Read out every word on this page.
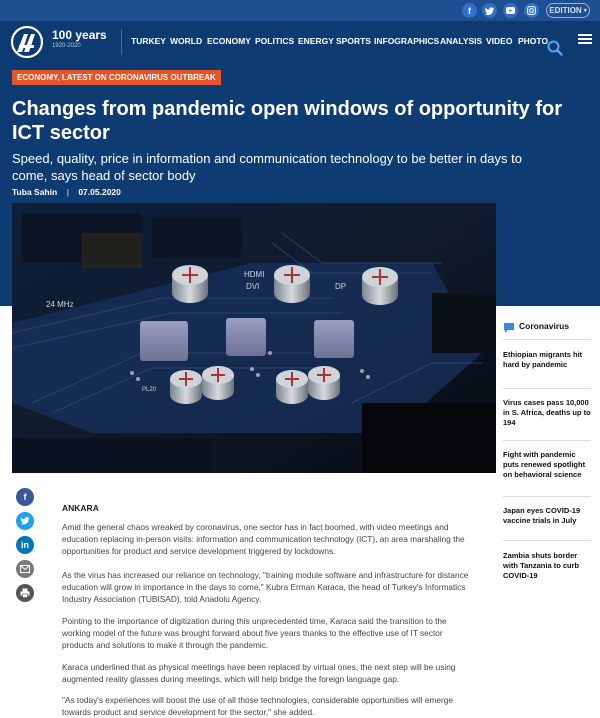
f	EDITION ▾
100 years
1920-2020	TURKEY WORLD ECONOMY POLITICS ENERGY SPORTS INFOGRAPHICS ANALYSIS VIDEO PHOTO
ECONOMY, LATEST ON CORONAVIRUS OUTBREAK
Changes from pandemic open windows of opportunity for ICT sector

Speed, quality, price in information and communication technology to be better in days to come, says head of sector body

Tuba Sahin | 07.05.2020
HDMI
DVI	DP
24 MHz
PL20
Coronavirus
Ethiopian migrants hit hard by pandemic
Virus cases pass 10,000 in S. Africa, deaths up to 194
Fight with pandemic puts renewed spotlight on behavioral science
Japan eyes COVID-19 vaccine trials in July
Zambia shuts border with Tanzania to curb COVID-19
f
in
ANKARA

Amid the general chaos wreaked by coronavirus, one sector has in fact boomed, with video meetings and education replacing in-person visits: information and communication technology (ICT), an area marshaling the opportunities for product and service development triggered by lockdowns.

As the virus has increased our reliance on technology, "training module software and infrastructure for distance education will grow in importance in the days to come," Kubra Erman Karaca, the head of Turkey's Informatics Industry Association (TUBISAD), told Anadolu Agency.

Pointing to the importance of digitization during this unprecedented time, Karaca said the transition to the working model of the future was brought forward about five years thanks to the effective use of IT sector products and solutions to make it through the pandemic.

Karaca underlined that as physical meetings have been replaced by virtual ones, the next step will be using augmented reality glasses during meetings, which will help bridge the foreign language gap.

"As today's experiences will boost the use of all those technologies, considerable opportunities will emerge towards product and service development for the sector," she added.
